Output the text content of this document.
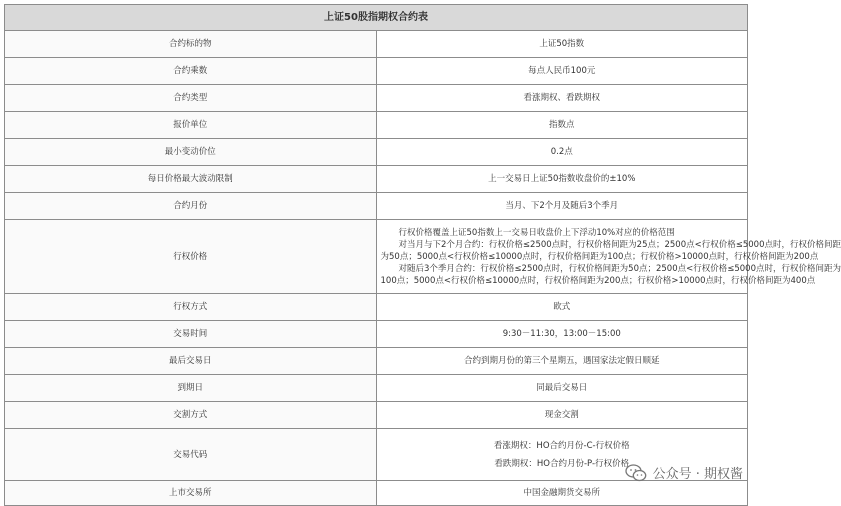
上证50股指期权合约表	
合约标的物	上证50指数
合约乘数	每点人民币100元
合约类型	看涨期权、看跌期权
报价单位	指数点
最小变动价位	0.2点
每日价格最大波动限制	上一交易日上证50指数收盘价的±10%
合约月份	当月、下2个月及随后3个季月
行权价格	行权价格覆盖上证50指数上一交易日收盘价上下浮动10%对应的价格范围
对当月与下2个月合约：行权价格≤2500点时，行权价格间距为25点；2500点<行权价格≤5000点时，行权价格间距
为50点；5000点<行权价格≤10000点时，行权价格间距为100点；行权价格>10000点时，行权价格间距为200点
对随后3个季月合约：行权价格≤2500点时，行权价格间距为50点；2500点<行权价格≤5000点时，行权价格间距为
100点；5000点<行权价格≤10000点时，行权价格间距为200点；行权价格>10000点时，行权价格间距为400点

行权方式	欧式
交易时间	9:30－11:30，13:00－15:00
最后交易日	合约到期月份的第三个星期五，遇国家法定假日顺延
到期日	同最后交易日
交割方式	现金交割
交易代码	看涨期权：HO合约月份-C-行权价格
看跌期权：HO合约月份-P-行权价格

上市交易所	中国金融期货交易所
公众号 · 期权酱
